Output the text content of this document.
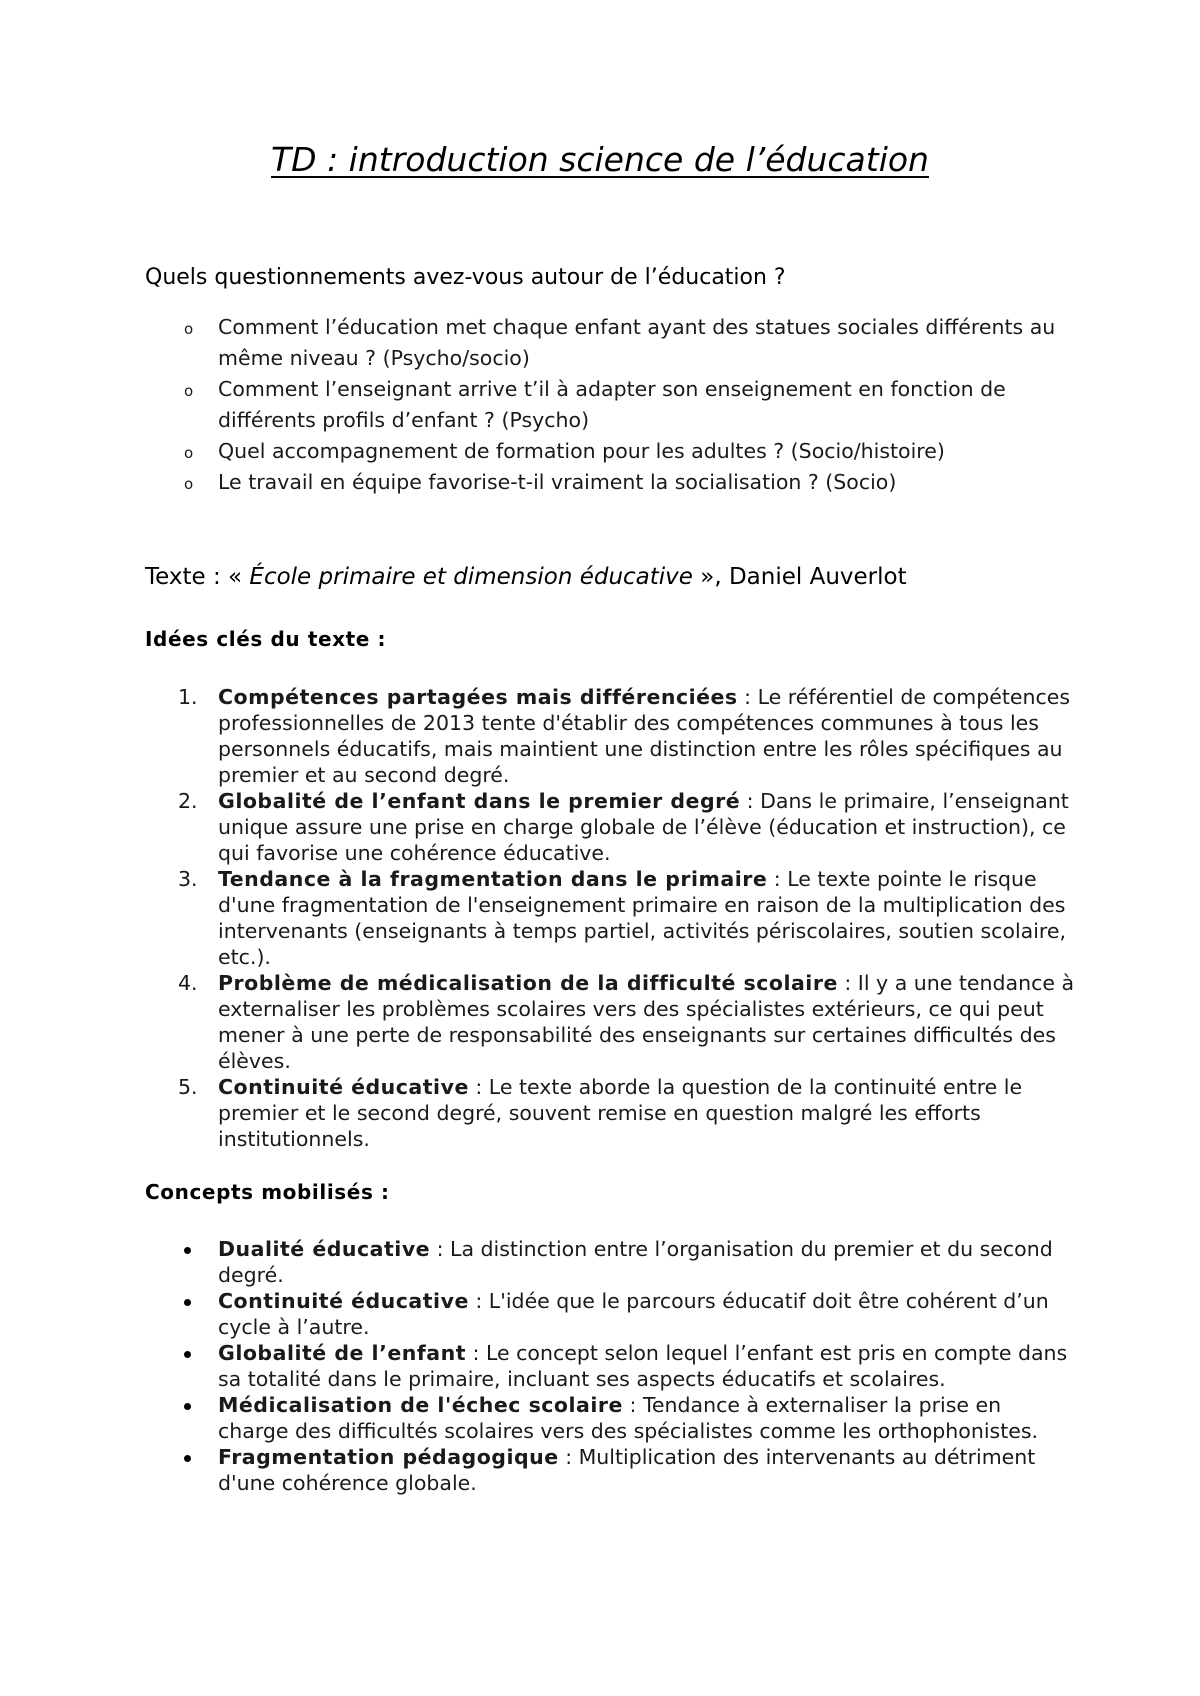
TD : introduction science de l’éducation
Quels questionnements avez-vous autour de l’éducation ?
o Comment l’éducation met chaque enfant ayant des statues sociales différents au même niveau ? (Psycho/socio)
o Comment l’enseignant arrive t’il à adapter son enseignement en fonction de différents profils d’enfant ? (Psycho)
o Quel accompagnement de formation pour les adultes ? (Socio/histoire)
o Le travail en équipe favorise-t-il vraiment la socialisation ? (Socio)

Texte : « École primaire et dimension éducative », Daniel Auverlot

Idées clés du texte :
1. Compétences partagées mais différenciées : Le référentiel de compétences professionnelles de 2013 tente d'établir des compétences communes à tous les personnels éducatifs, mais maintient une distinction entre les rôles spécifiques au premier et au second degré.
2. Globalité de l’enfant dans le premier degré : Dans le primaire, l’enseignant unique assure une prise en charge globale de l’élève (éducation et instruction), ce qui favorise une cohérence éducative.
3. Tendance à la fragmentation dans le primaire : Le texte pointe le risque d'une fragmentation de l'enseignement primaire en raison de la multiplication des intervenants (enseignants à temps partiel, activités périscolaires, soutien scolaire, etc.).
4. Problème de médicalisation de la difficulté scolaire : Il y a une tendance à externaliser les problèmes scolaires vers des spécialistes extérieurs, ce qui peut mener à une perte de responsabilité des enseignants sur certaines difficultés des élèves.
5. Continuité éducative : Le texte aborde la question de la continuité entre le premier et le second degré, souvent remise en question malgré les efforts institutionnels.
Concepts mobilisés :
Dualité éducative : La distinction entre l’organisation du premier et du second degré.
Continuité éducative : L'idée que le parcours éducatif doit être cohérent d’un cycle à l’autre.
Globalité de l’enfant : Le concept selon lequel l’enfant est pris en compte dans sa totalité dans le primaire, incluant ses aspects éducatifs et scolaires.
Médicalisation de l'échec scolaire : Tendance à externaliser la prise en charge des difficultés scolaires vers des spécialistes comme les orthophonistes.
Fragmentation pédagogique : Multiplication des intervenants au détriment d'une cohérence globale.
